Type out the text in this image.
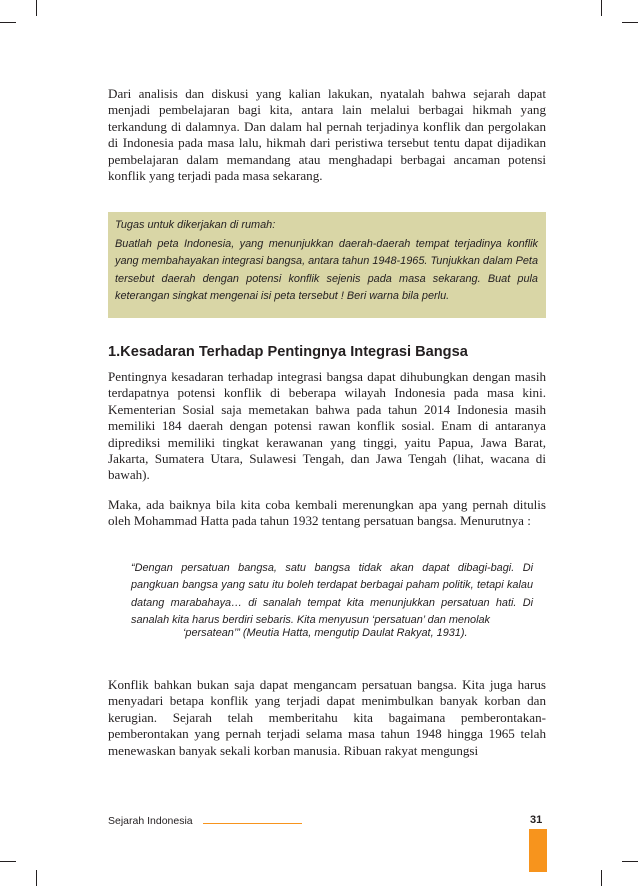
Dari analisis dan diskusi yang kalian lakukan, nyatalah bahwa sejarah dapat menjadi pembelajaran bagi kita, antara lain melalui berbagai hikmah yang terkandung di dalamnya. Dan dalam hal pernah terjadinya konflik dan pergolakan di Indonesia pada masa lalu, hikmah dari peristiwa tersebut tentu dapat dijadikan pembelajaran dalam memandang atau menghadapi berbagai ancaman potensi konflik yang terjadi pada masa sekarang.

Tugas untuk dikerjakan di rumah:

Buatlah peta Indonesia, yang menunjukkan daerah-daerah tempat terjadinya konflik yang membahayakan integrasi bangsa, antara tahun 1948-1965. Tunjukkan dalam Peta tersebut daerah dengan potensi konflik sejenis pada masa sekarang. Buat pula keterangan singkat mengenai isi peta tersebut ! Beri warna bila perlu.

1.Kesadaran Terhadap Pentingnya Integrasi Bangsa

Pentingnya kesadaran terhadap integrasi bangsa dapat dihubungkan dengan masih terdapatnya potensi konflik di beberapa wilayah Indonesia pada masa kini. Kementerian Sosial saja memetakan bahwa pada tahun 2014 Indonesia masih memiliki 184 daerah dengan potensi rawan konflik sosial. Enam di antaranya diprediksi memiliki tingkat kerawanan yang tinggi, yaitu Papua, Jawa Barat, Jakarta, Sumatera Utara, Sulawesi Tengah, dan Jawa Tengah (lihat, wacana di bawah).

Maka, ada baiknya bila kita coba kembali merenungkan apa yang pernah ditulis oleh Mohammad Hatta pada tahun 1932 tentang persatuan bangsa. Menurutnya :

“Dengan persatuan bangsa, satu bangsa tidak akan dapat dibagi-bagi. Di pangkuan bangsa yang satu itu boleh terdapat berbagai paham politik, tetapi kalau datang marabahaya… di sanalah tempat kita menunjukkan persatuan hati. Di sanalah kita harus berdiri sebaris. Kita menyusun ‘persatuan’ dan menolak

‘persatean’” (Meutia Hatta, mengutip Daulat Rakyat, 1931).

Konflik bahkan bukan saja dapat mengancam persatuan bangsa. Kita juga harus menyadari betapa konflik yang terjadi dapat menimbulkan banyak korban dan kerugian. Sejarah telah memberitahu kita bagaimana pemberontakan-pemberontakan yang pernah terjadi selama masa tahun 1948 hingga 1965 telah menewaskan banyak sekali korban manusia. Ribuan rakyat mengungsi

Sejarah Indonesia	31
